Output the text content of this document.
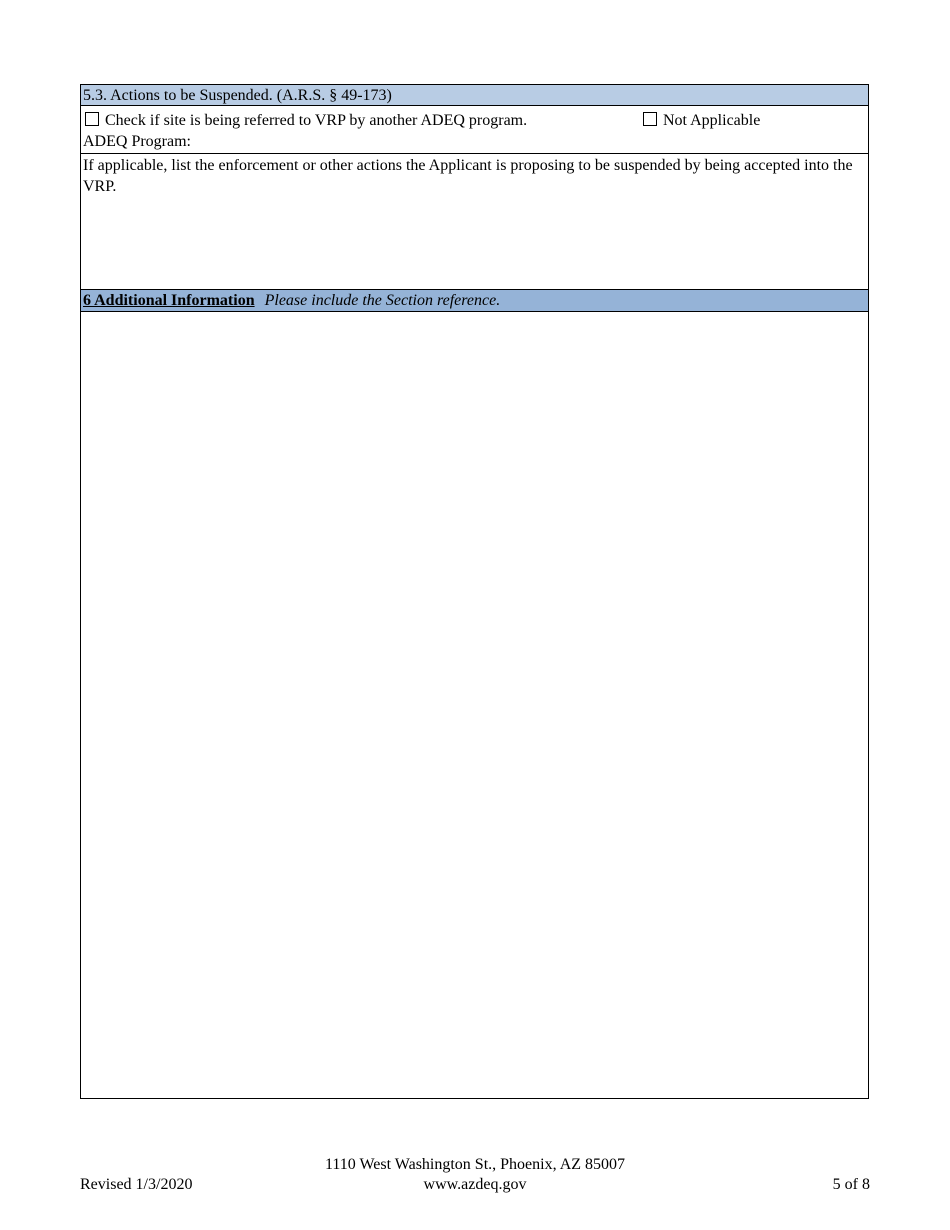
5.3. Actions to be Suspended. (A.R.S. § 49-173)
Check if site is being referred to VRP by another ADEQ program.	Not Applicable
ADEQ Program:
If applicable, list the enforcement or other actions the Applicant is proposing to be suspended by being accepted into the VRP.
6 Additional Information Please include the Section reference.
Revised 1/3/2020
1110 West Washington St., Phoenix, AZ 85007
www.azdeq.gov	5 of 8
